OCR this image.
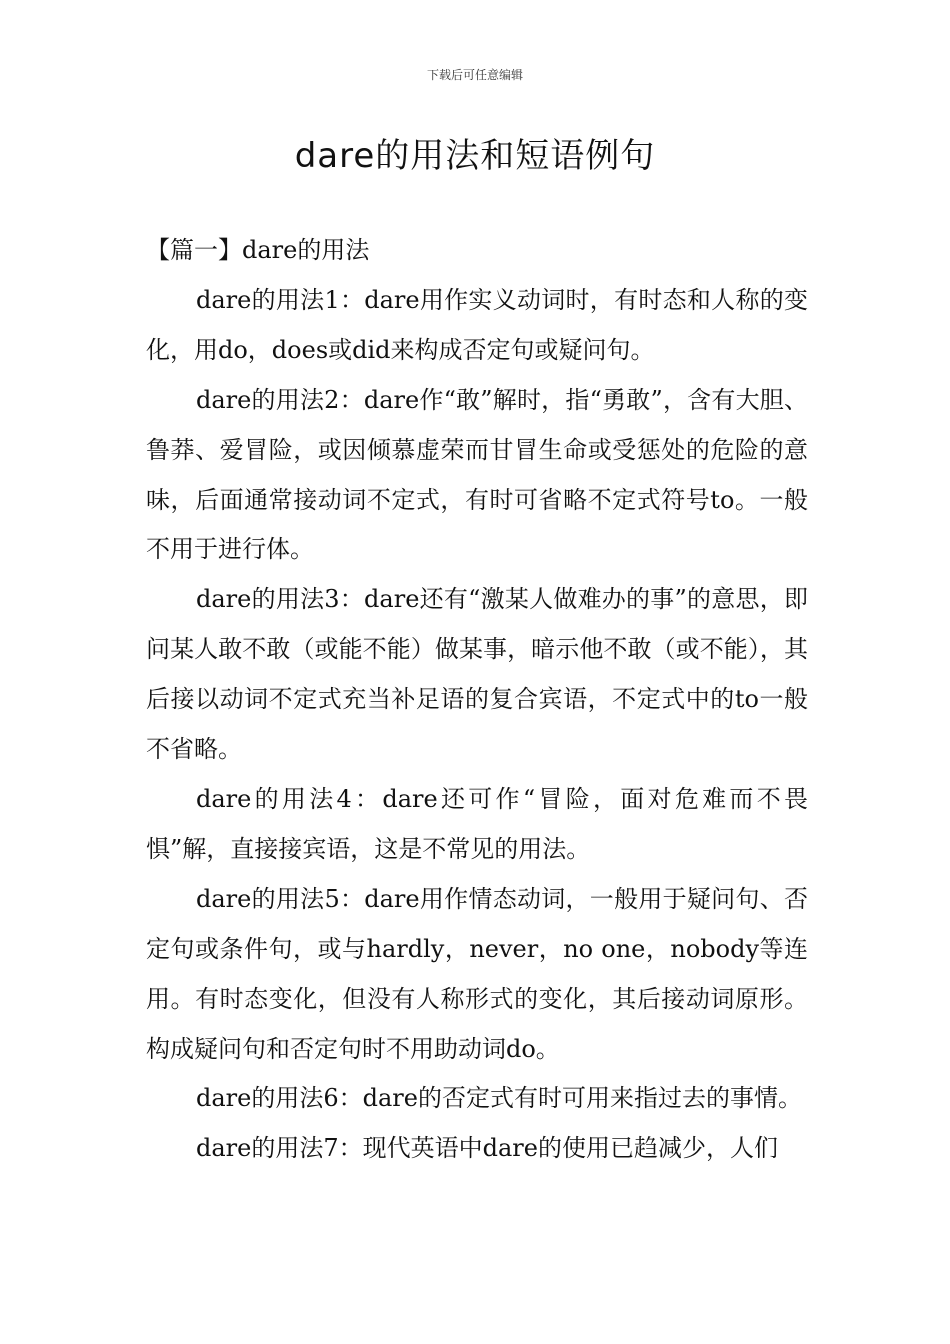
下载后可任意编辑
dare的用法和短语例句

【篇一】dare的用法

dare的用法1：dare用作实义动词时，有时态和人称的变化，用do，does或did来构成否定句或疑问句。

dare的用法2：dare作“敢”解时，指“勇敢”，含有大胆、鲁莽、爱冒险，或因倾慕虚荣而甘冒生命或受惩处的危险的意味，后面通常接动词不定式，有时可省略不定式符号to。一般不用于进行体。

dare的用法3：dare还有“激某人做难办的事”的意思，即问某人敢不敢（或能不能）做某事，暗示他不敢（或不能），其后接以动词不定式充当补足语的复合宾语，不定式中的to一般不省略。

dare的用法4：dare还可作“冒险，面对危难而不畏惧”解，直接接宾语，这是不常见的用法。

dare的用法5：dare用作情态动词，一般用于疑问句、否定句或条件句，或与hardly，never，no one，nobody等连用。有时态变化，但没有人称形式的变化，其后接动词原形。构成疑问句和否定句时不用助动词do。

dare的用法6：dare的否定式有时可用来指过去的事情。

dare的用法7：现代英语中dare的使用已趋减少，人们
